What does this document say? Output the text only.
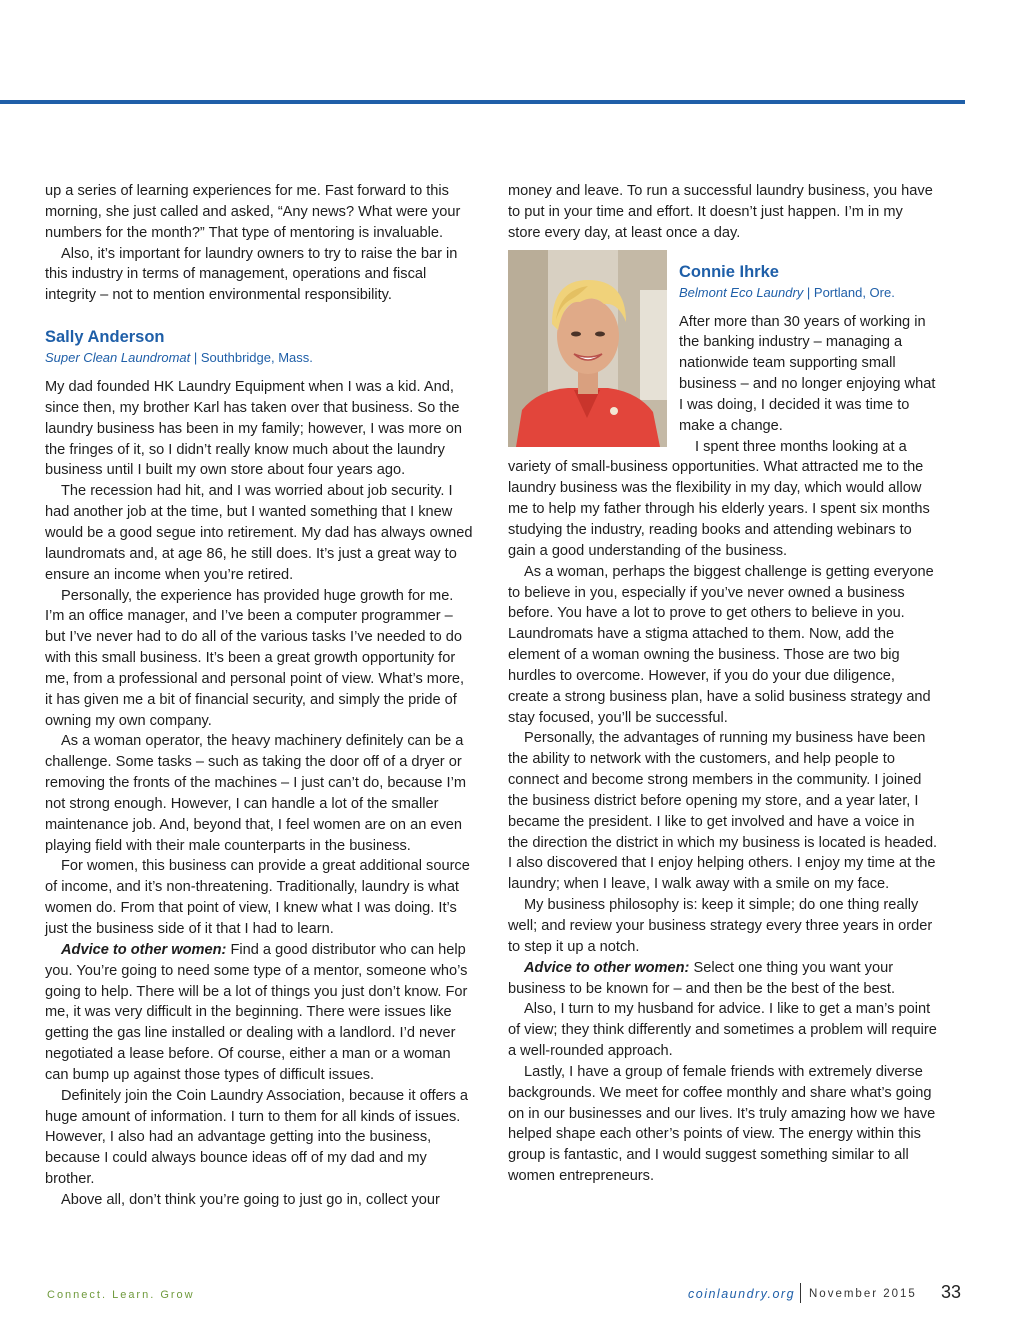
up a series of learning experiences for me. Fast forward to this morning, she just called and asked, “Any news? What were your numbers for the month?” That type of mentoring is invaluable.

Also, it’s important for laundry owners to try to raise the bar in this industry in terms of management, operations and fiscal integrity – not to mention environmental responsibility.

Sally Anderson
Super Clean Laundromat | Southbridge, Mass.

My dad founded HK Laundry Equipment when I was a kid. And, since then, my brother Karl has taken over that business. So the laundry business has been in my family; however, I was more on the fringes of it, so I didn’t really know much about the laundry business until I built my own store about four years ago.

The recession had hit, and I was worried about job security. I had another job at the time, but I wanted something that I knew would be a good segue into retirement. My dad has always owned laundromats and, at age 86, he still does. It’s just a great way to ensure an income when you’re retired.

Personally, the experience has provided huge growth for me. I’m an office manager, and I’ve been a computer programmer – but I’ve never had to do all of the various tasks I’ve needed to do with this small business. It’s been a great growth opportunity for me, from a professional and personal point of view. What’s more, it has given me a bit of financial security, and simply the pride of owning my own company.

As a woman operator, the heavy machinery definitely can be a challenge. Some tasks – such as taking the door off of a dryer or removing the fronts of the machines – I just can’t do, because I’m not strong enough. However, I can handle a lot of the smaller maintenance job. And, beyond that, I feel women are on an even playing field with their male counterparts in the business.

For women, this business can provide a great additional source of income, and it’s non-threatening. Traditionally, laundry is what women do. From that point of view, I knew what I was doing. It’s just the business side of it that I had to learn.

Advice to other women: Find a good distributor who can help you. You’re going to need some type of a mentor, someone who’s going to help. There will be a lot of things you just don’t know. For me, it was very difficult in the beginning. There were issues like getting the gas line installed or dealing with a landlord. I’d never negotiated a lease before. Of course, either a man or a woman can bump up against those types of difficult issues.

Definitely join the Coin Laundry Association, because it offers a huge amount of information. I turn to them for all kinds of issues. However, I also had an advantage getting into the business, because I could always bounce ideas off of my dad and my brother.

Above all, don’t think you’re going to just go in, collect your

money and leave. To run a successful laundry business, you have to put in your time and effort. It doesn’t just happen. I’m in my store every day, at least once a day.

Connie Ihrke
Belmont Eco Laundry | Portland, Ore.

After more than 30 years of working in the banking industry – managing a nationwide team supporting small business – and no longer enjoying what I was doing, I decided it was time to make a change.

I spent three months looking at a variety of small-business opportunities. What attracted me to the laundry business was the flexibility in my day, which would allow me to help my father through his elderly years. I spent six months studying the industry, reading books and attending webinars to gain a good understanding of the business.

As a woman, perhaps the biggest challenge is getting everyone to believe in you, especially if you’ve never owned a business before. You have a lot to prove to get others to believe in you. Laundromats have a stigma attached to them. Now, add the element of a woman owning the business. Those are two big hurdles to overcome. However, if you do your due diligence, create a strong business plan, have a solid business strategy and stay focused, you’ll be successful.

Personally, the advantages of running my business have been the ability to network with the customers, and help people to connect and become strong members in the community. I joined the business district before opening my store, and a year later, I became the president. I like to get involved and have a voice in the direction the district in which my business is located is headed. I also discovered that I enjoy helping others. I enjoy my time at the laundry; when I leave, I walk away with a smile on my face.

My business philosophy is: keep it simple; do one thing really well; and review your business strategy every three years in order to step it up a notch.

Advice to other women: Select one thing you want your business to be known for – and then be the best of the best.

Also, I turn to my husband for advice. I like to get a man’s point of view; they think differently and sometimes a problem will require a well-rounded approach.

Lastly, I have a group of female friends with extremely diverse backgrounds. We meet for coffee monthly and share what’s going on in our businesses and our lives. It’s truly amazing how we have helped shape each other’s points of view. The energy within this group is fantastic, and I would suggest something similar to all women entrepreneurs.

Connect. Learn. Grow	coinlaundry.org November 2015 33
